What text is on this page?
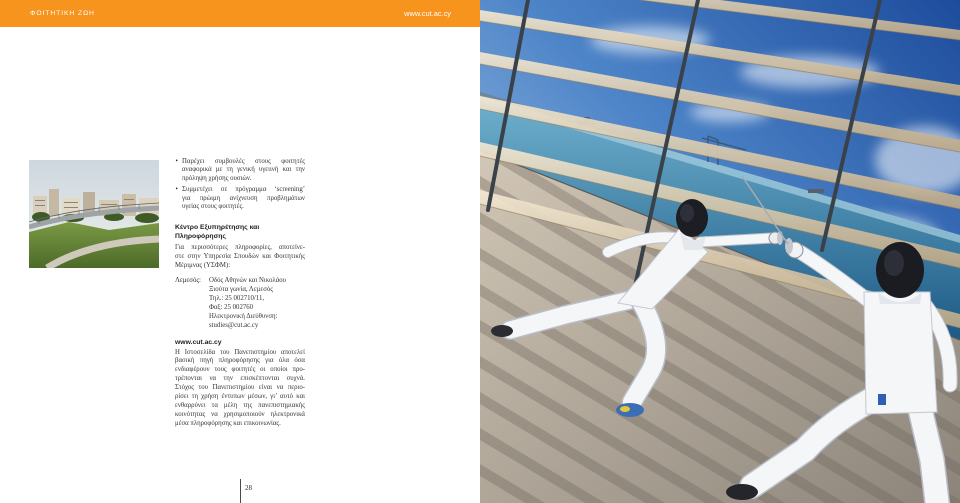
ΦΟΙΤΗΤΙΚΗ ΖΩΗ	www.cut.ac.cy
• Παρέχει συμβουλές στους φοιτητές
αναφορικά με τη γενική υγειινή και την
πρόληψη χρήσης ουσιών.
• Συμμετέχει σε πρόγραμμα ‘screening’
για πρώιμη ανίχνευση προβλημάτων
υγείας στους φοιτητές.
Κέντρο Εξυπηρέτησης και
Πληροφόρησης
Για περισσότερες πληροφορίες, αποτείνε-
στε στην Υπηρεσία Σπουδών και Φοιτητικής
Μέριμνας (ΥΣΦΜ):
Λεμεσός: Οδός Αθηνών και Νικολάου
Ξιούτα γωνία, Λεμεσός
Τηλ.: 25 002710/11,
Φαξ: 25 002760
Ηλεκτρονική Διεύθυνση:
studies@cut.ac.cy
www.cut.ac.cy
Η Ιστοσελίδα του Πανεπιστημίου αποτελεί
βασική πηγή πληροφόρησης για όλα όσα
ενδιαφέρουν τους φοιτητές οι οποίοι προ-
τρέπονται να την επισκέπτονται συχνά.
Στόχος του Πανεπιστημίου είναι να περιο-
ρίσει τη χρήση έντυπων μέσων, γι’ αυτό και
ενθαρρύνει τα μέλη της πανεπιστημιακής
κοινότητας να χρησιμοποιούν ηλεκτρονικά
μέσα πληροφόρησης και επικοινωνίας.
28
